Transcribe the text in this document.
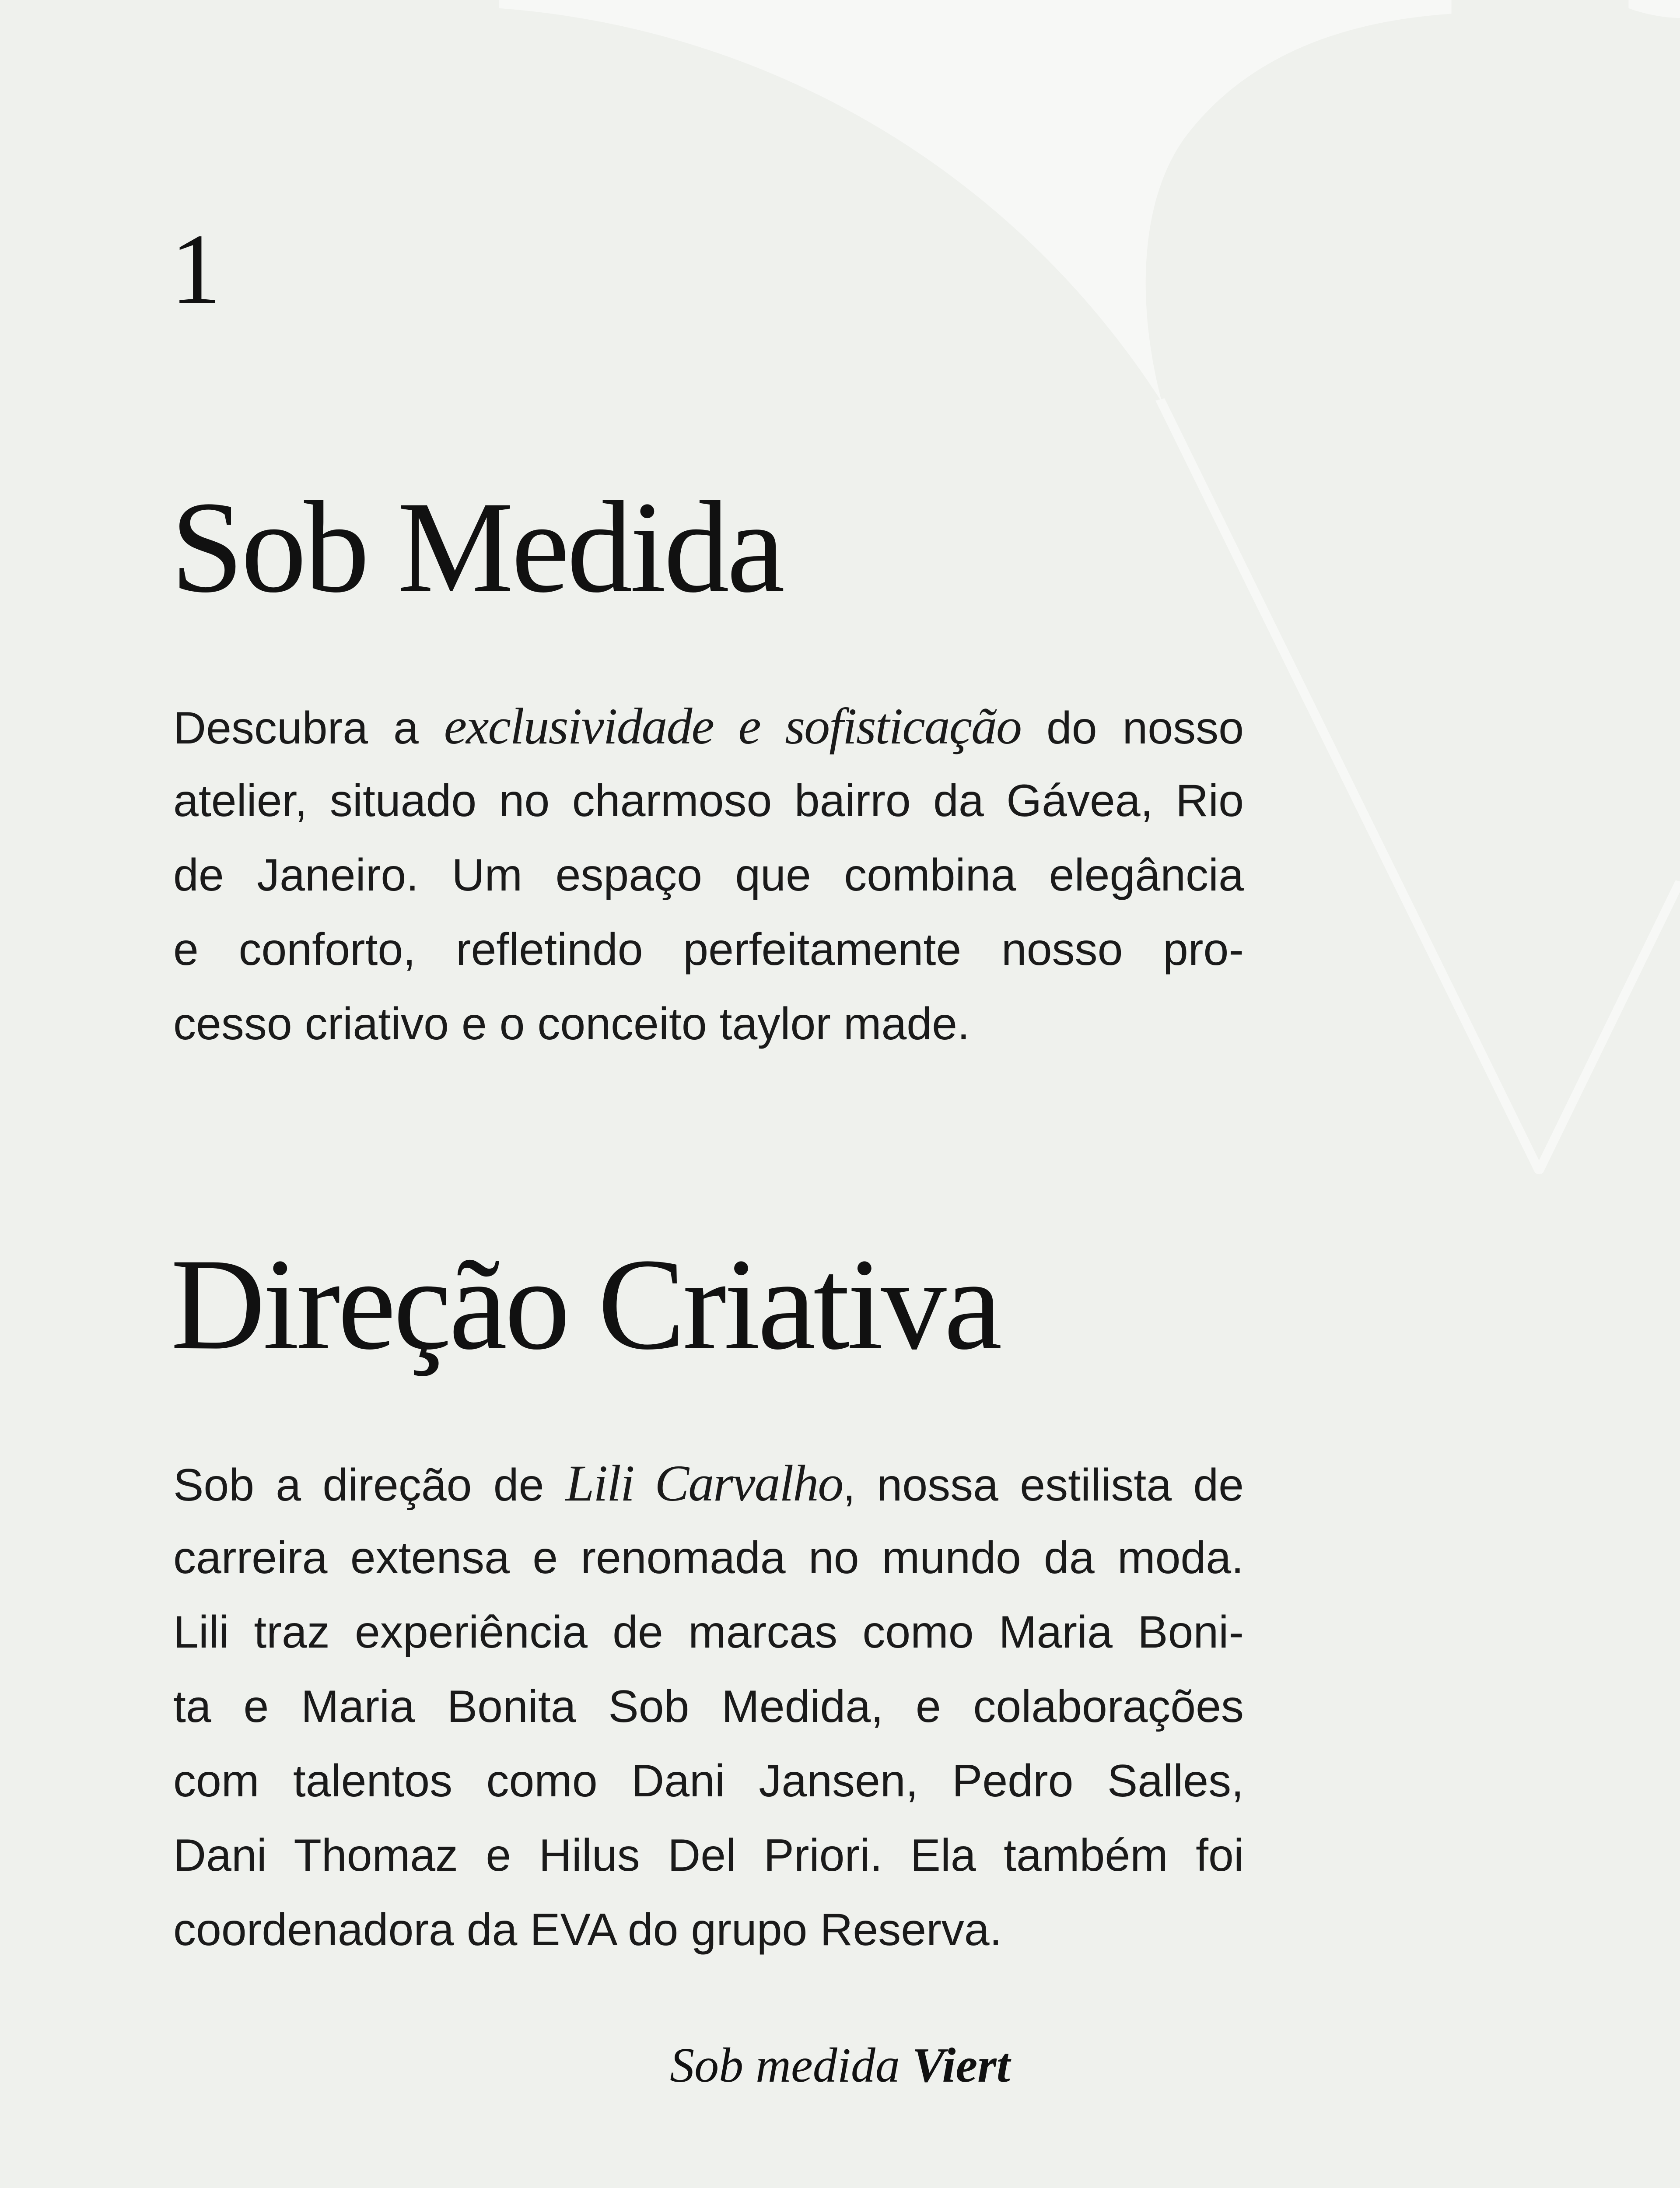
1
Sob Medida
Descubra a exclusividade e sofisticação do nosso
atelier, situado no charmoso bairro da Gávea, Rio
de Janeiro. Um espaço que combina elegância
e conforto, refletindo perfeitamente nosso pro-
cesso criativo e o conceito taylor made.
Direção Criativa
Sob a direção de Lili Carvalho, nossa estilista de
carreira extensa e renomada no mundo da moda.
Lili traz experiência de marcas como Maria Boni-
ta e Maria Bonita Sob Medida, e colaborações
com talentos como Dani Jansen, Pedro Salles,
Dani Thomaz e Hilus Del Priori. Ela também foi
coordenadora da EVA do grupo Reserva.
Sob medida Viert
